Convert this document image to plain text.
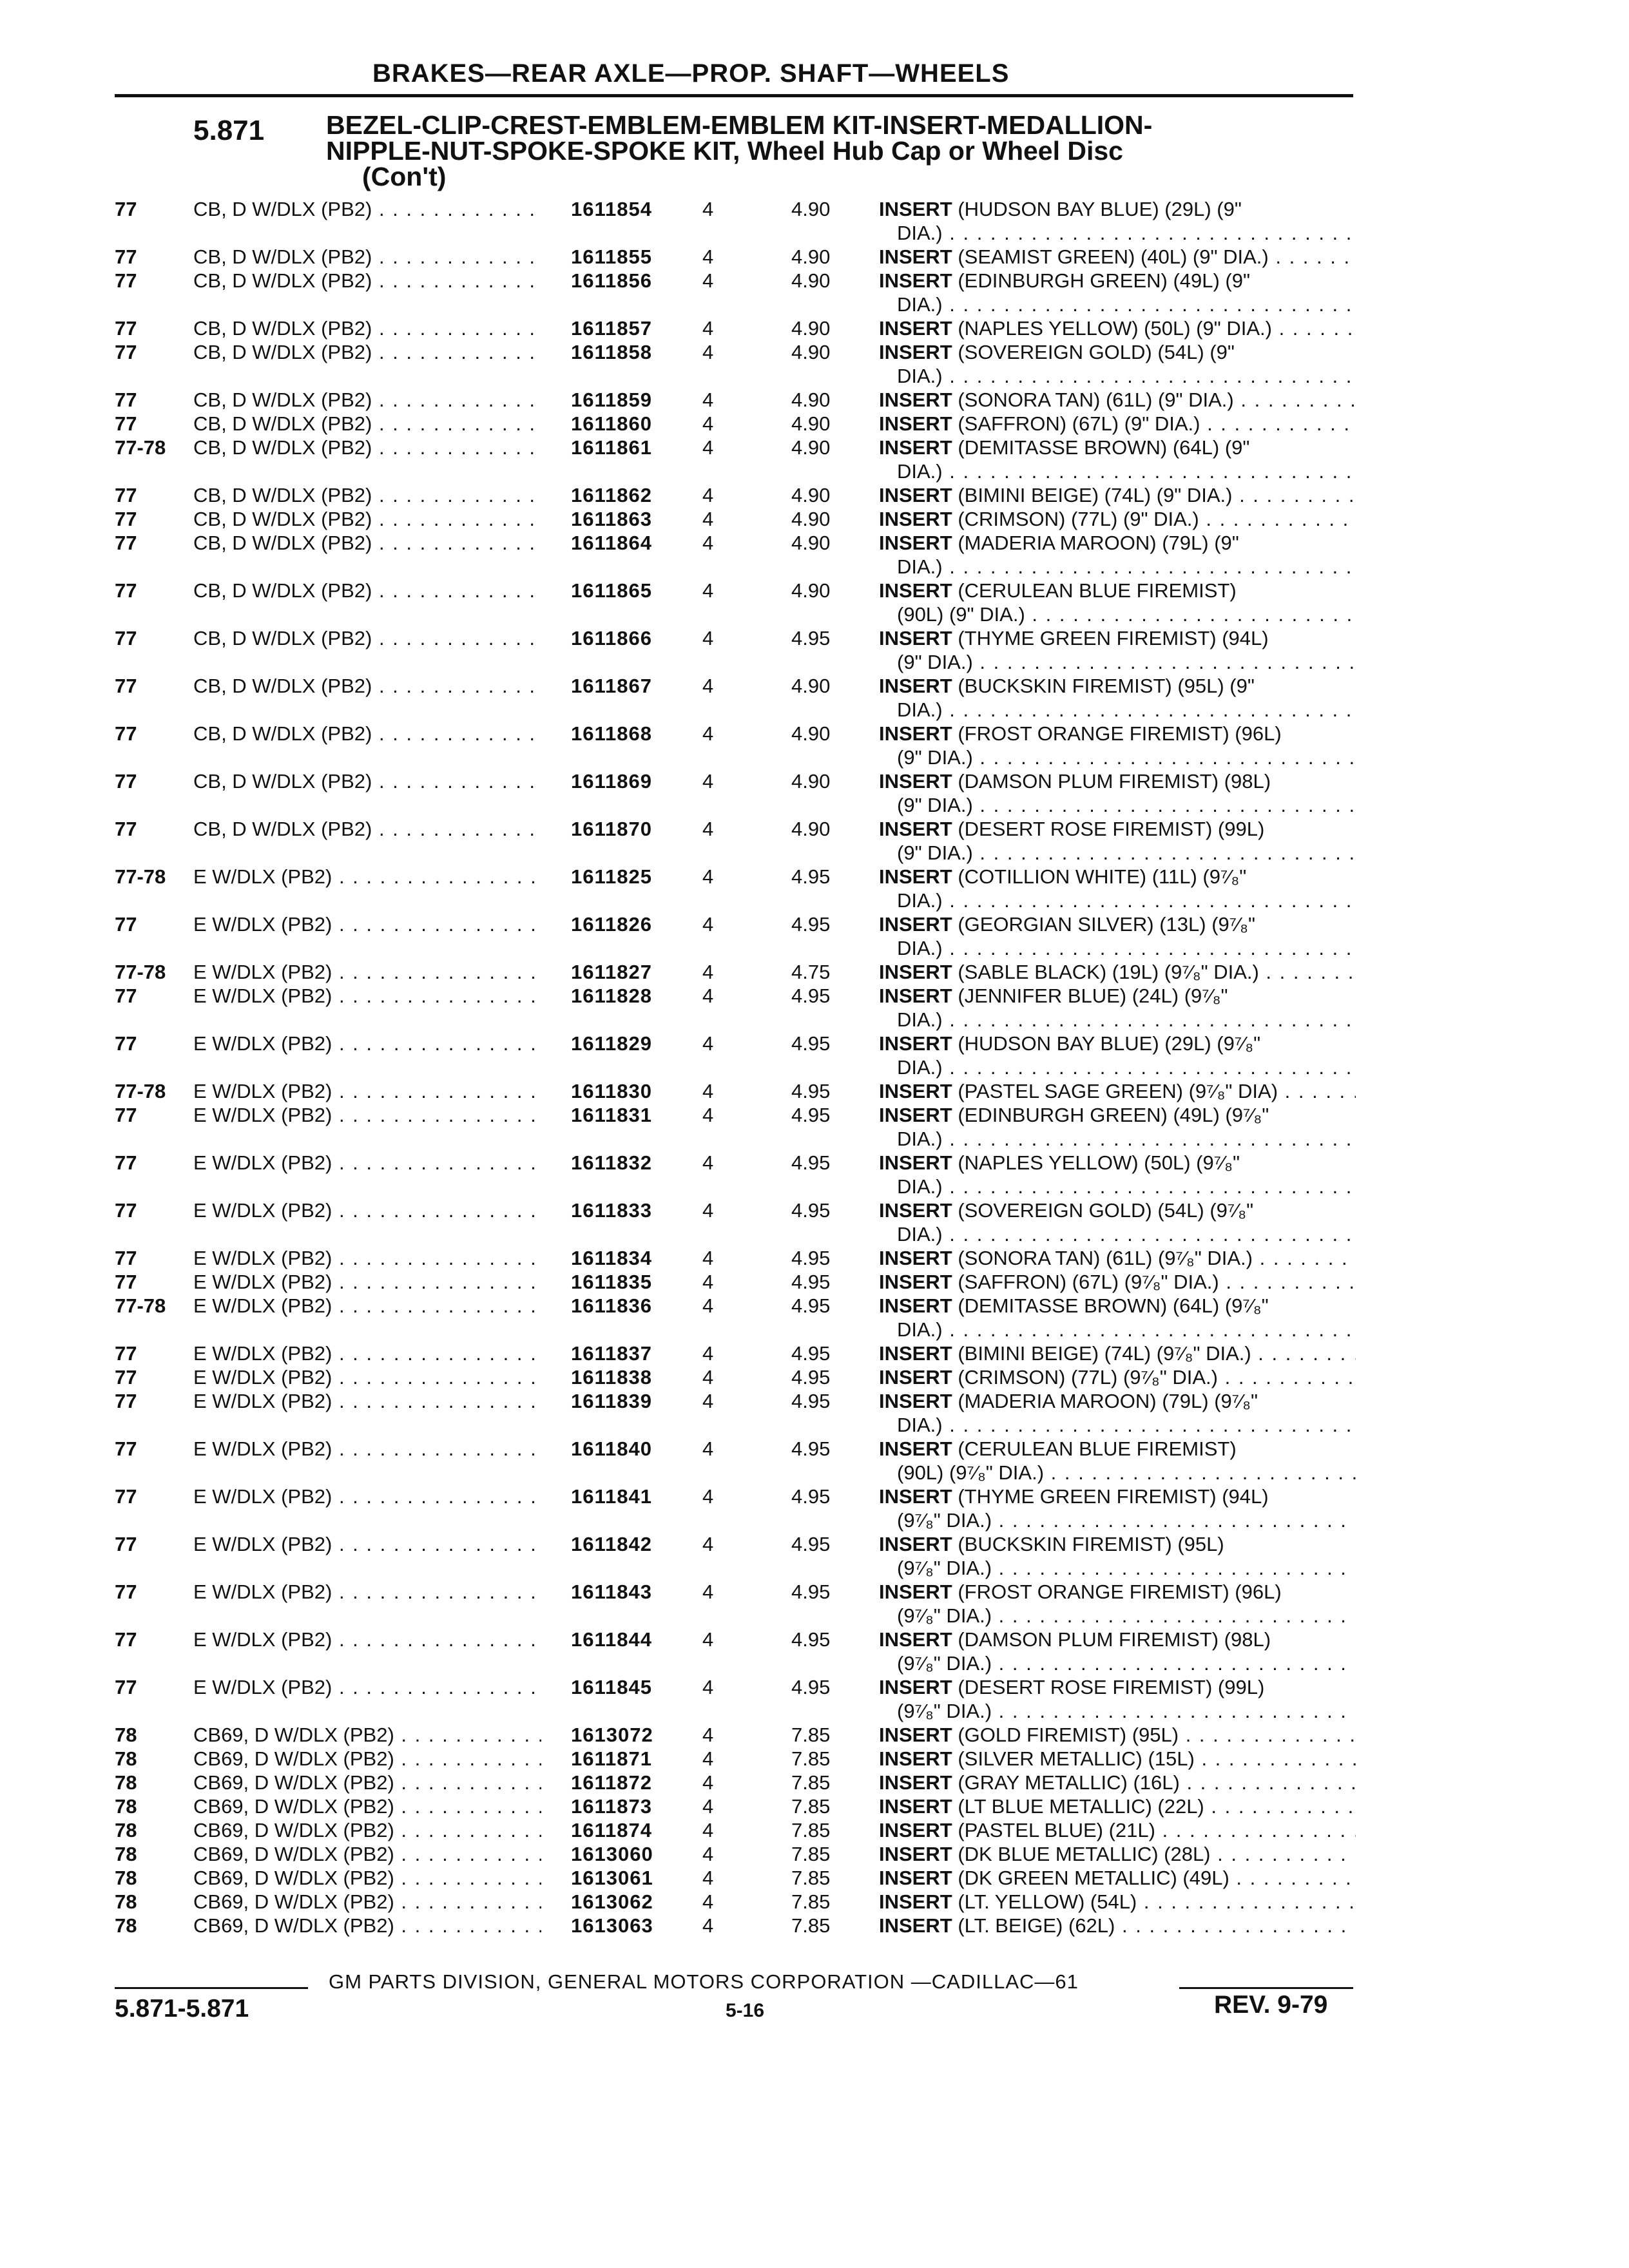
BRAKES—REAR AXLE—PROP. SHAFT—WHEELS
5.871 BEZEL-CLIP-CREST-EMBLEM-EMBLEM KIT-INSERT-MEDALLION-
NIPPLE-NUT-SPOKE-SPOKE KIT, Wheel Hub Cap or Wheel Disc
(Con't)
77	CB, D W/DLX (PB2) . . .	1611854	4	4.90 INSERT (HUDSON BAY BLUE) (29L) (9"
DIA.) . . .
77	CB, D W/DLX (PB2) . . .	1611855	4	4.90 INSERT (SEAMIST GREEN) (40L) (9" DIA.) . . .
77	CB, D W/DLX (PB2) . . .	1611856	4	4.90 INSERT (EDINBURGH GREEN) (49L) (9"
DIA.) . . .
77	CB, D W/DLX (PB2) . . .	1611857	4	4.90 INSERT (NAPLES YELLOW) (50L) (9" DIA.) . . .
77	CB, D W/DLX (PB2) . . .	1611858	4	4.90 INSERT (SOVEREIGN GOLD) (54L) (9"
DIA.) . . .
77	CB, D W/DLX (PB2) . . .	1611859	4	4.90 INSERT (SONORA TAN) (61L) (9" DIA.) . . .
77	CB, D W/DLX (PB2) . . .	1611860	4	4.90 INSERT (SAFFRON) (67L) (9" DIA.) . . .
77-78 CB, D W/DLX (PB2) . . .	1611861	4	4.90 INSERT (DEMITASSE BROWN) (64L) (9"
DIA.) . . .
77	CB, D W/DLX (PB2) . . .	1611862	4	4.90 INSERT (BIMINI BEIGE) (74L) (9" DIA.) . . .
77	CB, D W/DLX (PB2) . . .	1611863	4	4.90 INSERT (CRIMSON) (77L) (9" DIA.) . . .
77	CB, D W/DLX (PB2) . . .	1611864	4	4.90 INSERT (MADERIA MAROON) (79L) (9"
DIA.) . . .
77	CB, D W/DLX (PB2) . . .	1611865	4	4.90 INSERT (CERULEAN BLUE FIREMIST)
(90L) (9" DIA.) . . .
77	CB, D W/DLX (PB2) . . .	1611866	4	4.95 INSERT (THYME GREEN FIREMIST) (94L)
(9" DIA.) . . .
77	CB, D W/DLX (PB2) . . .	1611867	4	4.90 INSERT (BUCKSKIN FIREMIST) (95L) (9"
DIA.) . . .
77	CB, D W/DLX (PB2) . . .	1611868	4	4.90 INSERT (FROST ORANGE FIREMIST) (96L)
(9" DIA.) . . .
77	CB, D W/DLX (PB2) . . .	1611869	4	4.90 INSERT (DAMSON PLUM FIREMIST) (98L)
(9" DIA.) . . .
77	CB, D W/DLX (PB2) . . .	1611870	4	4.90 INSERT (DESERT ROSE FIREMIST) (99L)
(9" DIA.) . . .
77-78 E W/DLX (PB2) . . .	1611825	4	4.95 INSERT (COTILLION WHITE) (11L) (9⁷⁄₈"
DIA.) . . .
77	E W/DLX (PB2) . . .	1611826	4	4.95 INSERT (GEORGIAN SILVER) (13L) (9⁷⁄₈"
DIA.) . . .
77-78 E W/DLX (PB2) . . .	1611827	4	4.75 INSERT (SABLE BLACK) (19L) (9⁷⁄₈" DIA.) . . .
77	E W/DLX (PB2) . . .	1611828	4	4.95 INSERT (JENNIFER BLUE) (24L) (9⁷⁄₈"
DIA.) . . .
77	E W/DLX (PB2) . . .	1611829	4	4.95 INSERT (HUDSON BAY BLUE) (29L) (9⁷⁄₈"
DIA.) . . .
77-78 E W/DLX (PB2) . . .	1611830	4	4.95 INSERT (PASTEL SAGE GREEN) (9⁷⁄₈" DIA) . . .
77	E W/DLX (PB2) . . .	1611831	4	4.95 INSERT (EDINBURGH GREEN) (49L) (9⁷⁄₈"
DIA.) . . .
77	E W/DLX (PB2) . . .	1611832	4	4.95 INSERT (NAPLES YELLOW) (50L) (9⁷⁄₈"
DIA.) . . .
77	E W/DLX (PB2) . . .	1611833	4	4.95 INSERT (SOVEREIGN GOLD) (54L) (9⁷⁄₈"
DIA.) . . .
77	E W/DLX (PB2) . . .	1611834	4	4.95 INSERT (SONORA TAN) (61L) (9⁷⁄₈" DIA.) . . .
77	E W/DLX (PB2) . . .	1611835	4	4.95 INSERT (SAFFRON) (67L) (9⁷⁄₈" DIA.) . . .
77-78 E W/DLX (PB2) . . .	1611836	4	4.95 INSERT (DEMITASSE BROWN) (64L) (9⁷⁄₈"
DIA.) . . .
77	E W/DLX (PB2) . . .	1611837	4	4.95 INSERT (BIMINI BEIGE) (74L) (9⁷⁄₈" DIA.) . . .
77	E W/DLX (PB2) . . .	1611838	4	4.95 INSERT (CRIMSON) (77L) (9⁷⁄₈" DIA.) . . .
77	E W/DLX (PB2) . . .	1611839	4	4.95 INSERT (MADERIA MAROON) (79L) (9⁷⁄₈"
DIA.) . . .
77	E W/DLX (PB2) . . .	1611840	4	4.95 INSERT (CERULEAN BLUE FIREMIST)
(90L) (9⁷⁄₈" DIA.) . . .
77	E W/DLX (PB2) . . .	1611841	4	4.95 INSERT (THYME GREEN FIREMIST) (94L)
(9⁷⁄₈" DIA.) . . .
77	E W/DLX (PB2) . . .	1611842	4	4.95 INSERT (BUCKSKIN FIREMIST) (95L)
(9⁷⁄₈" DIA.) . . .
77	E W/DLX (PB2) . . .	1611843	4	4.95 INSERT (FROST ORANGE FIREMIST) (96L)
(9⁷⁄₈" DIA.) . . .
77	E W/DLX (PB2) . . .	1611844	4	4.95 INSERT (DAMSON PLUM FIREMIST) (98L)
(9⁷⁄₈" DIA.) . . .
77	E W/DLX (PB2) . . .	1611845	4	4.95 INSERT (DESERT ROSE FIREMIST) (99L)
(9⁷⁄₈" DIA.) . . .
78	CB69, D W/DLX (PB2) . . .	1613072 4	7.85 INSERT (GOLD FIREMIST) (95L) . . .
78	CB69, D W/DLX (PB2) . . .	1611871	4	7.85 INSERT (SILVER METALLIC) (15L) . . .
78	CB69, D W/DLX (PB2) . . .	1611872	4	7.85 INSERT (GRAY METALLIC) (16L) . . .
78	CB69, D W/DLX (PB2) . . .	1611873	4	7.85 INSERT (LT BLUE METALLIC) (22L) . . .
78	CB69, D W/DLX (PB2) . . .	1611874	4	7.85 INSERT (PASTEL BLUE) (21L) . . .
78	CB69, D W/DLX (PB2) . . .	1613060 4	7.85 INSERT (DK BLUE METALLIC) (28L) . . .
78	CB69, D W/DLX (PB2) . . .	1613061 4	7.85 INSERT (DK GREEN METALLIC) (49L) . . .
78	CB69, D W/DLX (PB2) . . .	1613062 4	7.85 INSERT (LT. YELLOW) (54L) . . .
78	CB69, D W/DLX (PB2) . . .	1613063 4	7.85 INSERT (LT. BEIGE) (62L) . . .
GM PARTS DIVISION, GENERAL MOTORS CORPORATION —CADILLAC—61
5.871-5.871	5-16	REV. 9-79
